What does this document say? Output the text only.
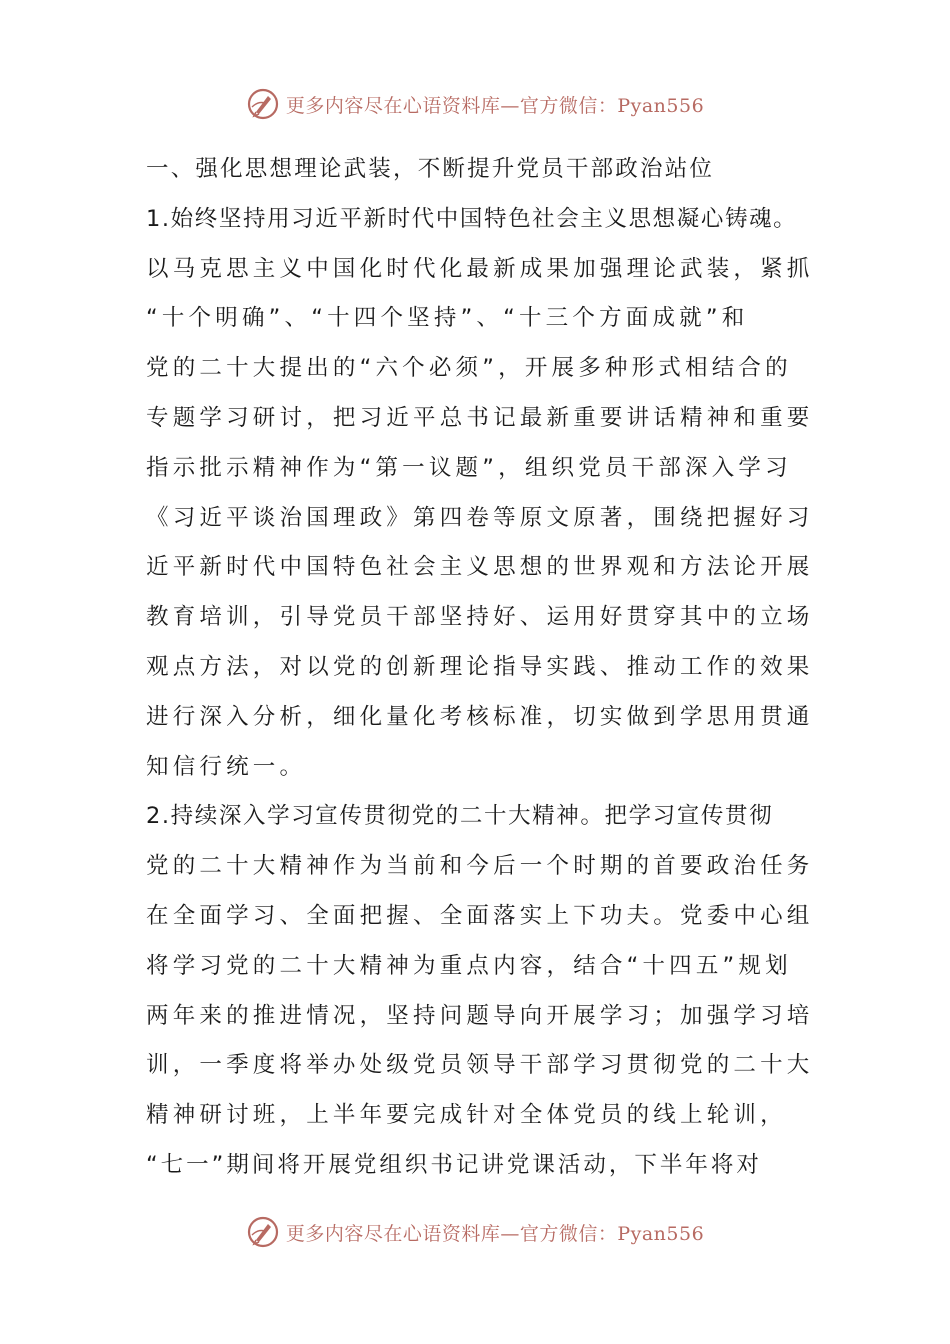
更多内容尽在心语资料库—官方微信：Pyan556
一、强化思想理论武装，不断提升党员干部政治站位
1.始终坚持用习近平新时代中国特色社会主义思想凝心铸魂。
以马克思主义中国化时代化最新成果加强理论武装，紧抓
“十个明确”、“十四个坚持”、“十三个方面成就”和
党的二十大提出的“六个必须”，开展多种形式相结合的
专题学习研讨，把习近平总书记最新重要讲话精神和重要
指示批示精神作为“第一议题”，组织党员干部深入学习
《习近平谈治国理政》第四卷等原文原著，围绕把握好习
近平新时代中国特色社会主义思想的世界观和方法论开展
教育培训，引导党员干部坚持好、运用好贯穿其中的立场
观点方法，对以党的创新理论指导实践、推动工作的效果
进行深入分析，细化量化考核标准，切实做到学思用贯通
知信行统一。
2.持续深入学习宣传贯彻党的二十大精神。把学习宣传贯彻
党的二十大精神作为当前和今后一个时期的首要政治任务
在全面学习、全面把握、全面落实上下功夫。党委中心组
将学习党的二十大精神为重点内容，结合“十四五”规划
两年来的推进情况，坚持问题导向开展学习；加强学习培
训，一季度将举办处级党员领导干部学习贯彻党的二十大
精神研讨班，上半年要完成针对全体党员的线上轮训，
“七一”期间将开展党组织书记讲党课活动，下半年将对
更多内容尽在心语资料库—官方微信：Pyan556
